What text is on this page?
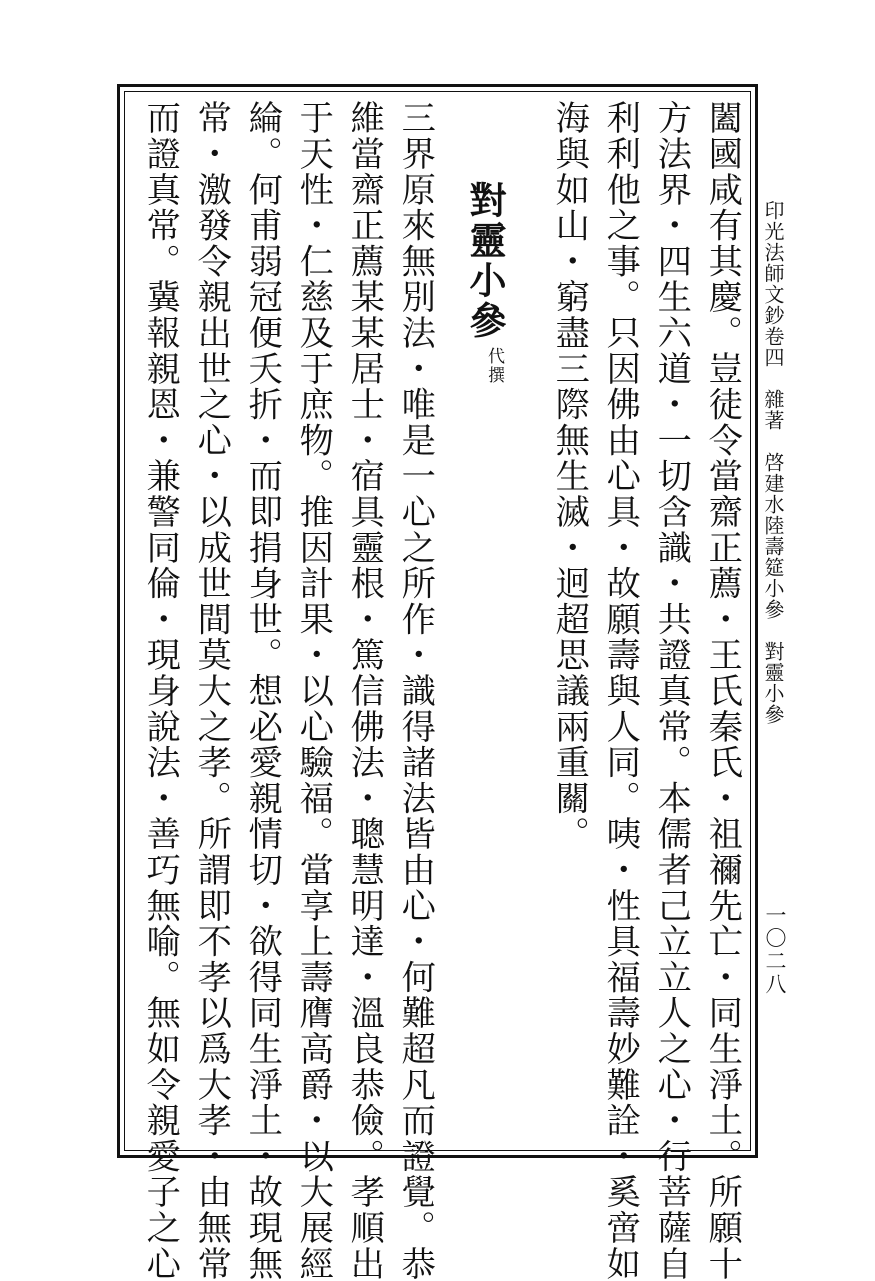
印光法師文鈔卷四　雜著　啓建水陸壽筵小參　對靈小參
一〇二八
闔國咸有其慶。豈徒令當齋正薦・王氏秦氏・祖禰先亡・同生淨土。所願十
方法界・四生六道・一切含識・共證真常。本儒者己立立人之心・行菩薩自
利利他之事。只因佛由心具・故願壽與人同。咦・性具福壽妙難詮・奚啻如
海與如山・窮盡三際無生滅・迥超思議兩重關。
對靈小參
代撰
三界原來無別法・唯是一心之所作・識得諸法皆由心・何難超凡而證覺。恭
維當齋正薦某某居士・宿具靈根・篤信佛法・聰慧明達・溫良恭儉。孝順出
于天性・仁慈及于庶物。推因計果・以心驗福。當享上壽膺高爵・以大展經
綸。何甫弱冠便夭折・而即捐身世。想必愛親情切・欲得同生淨土・故現無
常・激發令親出世之心・以成世間莫大之孝。所謂即不孝以爲大孝・由無常
而證真常。冀報親恩・兼警同倫・現身說法・善巧無喻。無如令親愛子之心
